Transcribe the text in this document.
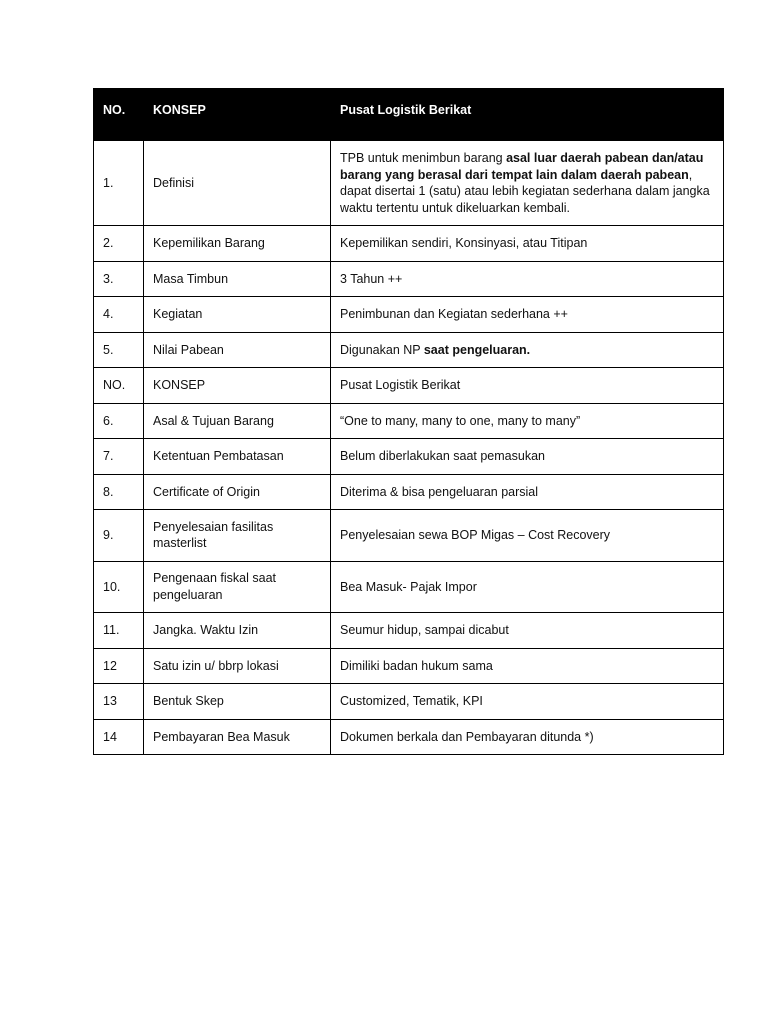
NO.	KONSEP	Pusat Logistik Berikat
1.	Definisi	TPB untuk menimbun barang asal luar daerah pabean dan/atau barang yang berasal dari tempat lain dalam daerah pabean, dapat disertai 1 (satu) atau lebih kegiatan sederhana dalam jangka waktu tertentu untuk dikeluarkan kembali.
2.	Kepemilikan Barang	Kepemilikan sendiri, Konsinyasi, atau Titipan
3.	Masa Timbun	3 Tahun ++
4.	Kegiatan	Penimbunan dan Kegiatan sederhana ++
5.	Nilai Pabean	Digunakan NP saat pengeluaran.
NO.	KONSEP	Pusat Logistik Berikat
6.	Asal & Tujuan Barang	“One to many, many to one, many to many”
7.	Ketentuan Pembatasan	Belum diberlakukan saat pemasukan
8.	Certificate of Origin	Diterima & bisa pengeluaran parsial
9.	Penyelesaian fasilitas masterlist	Penyelesaian sewa BOP Migas – Cost Recovery
10.	Pengenaan fiskal saat pengeluaran	Bea Masuk- Pajak Impor
11.	Jangka. Waktu Izin	Seumur hidup, sampai dicabut
12	Satu izin u/ bbrp lokasi	Dimiliki badan hukum sama
13	Bentuk Skep	Customized, Tematik, KPI
14	Pembayaran Bea Masuk	Dokumen berkala dan Pembayaran ditunda *)
